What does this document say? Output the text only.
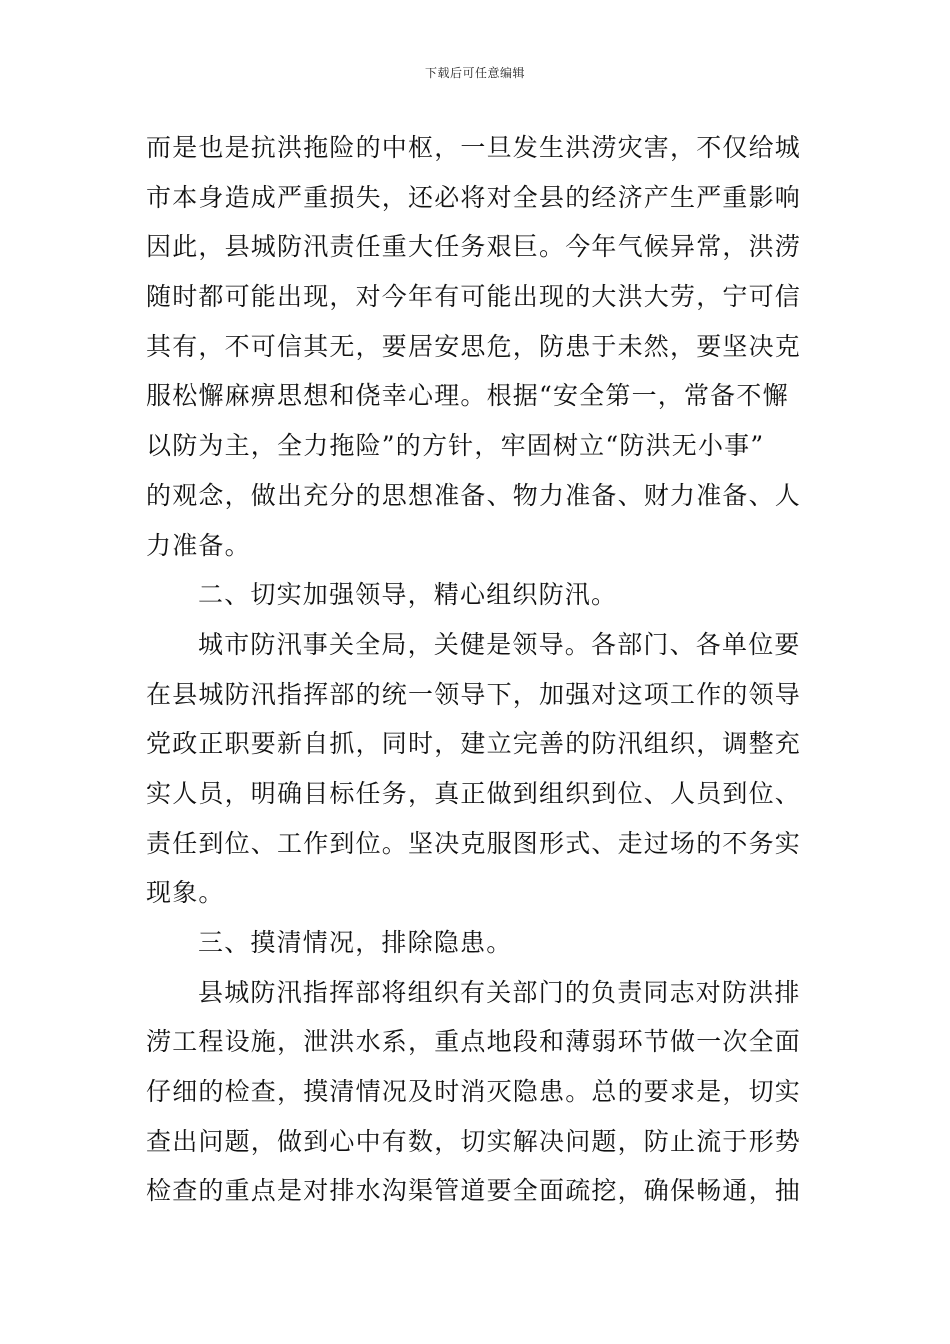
下载后可任意编辑
而是也是抗洪拖险的中枢，一旦发生洪涝灾害，不仅给城
市本身造成严重损失，还必将对全县的经济产生严重影响
因此，县城防汛责任重大任务艰巨。今年气候异常，洪涝
随时都可能出现，对今年有可能出现的大洪大劳，宁可信
其有，不可信其无，要居安思危，防患于未然，要坚决克
服松懈麻痹思想和侥幸心理。根据“安全第一，常备不懈
以防为主，全力拖险”的方针，牢固树立“防洪无小事”
的观念，做出充分的思想准备、物力准备、财力准备、人
力准备。
二、切实加强领导，精心组织防汛。
城市防汛事关全局，关健是领导。各部门、各单位要
在县城防汛指挥部的统一领导下，加强对这项工作的领导
党政正职要新自抓，同时，建立完善的防汛组织，调整充
实人员，明确目标任务，真正做到组织到位、人员到位、
责任到位、工作到位。坚决克服图形式、走过场的不务实
现象。
三、摸清情况，排除隐患。
县城防汛指挥部将组织有关部门的负责同志对防洪排
涝工程设施，泄洪水系，重点地段和薄弱环节做一次全面
仔细的检查，摸清情况及时消灭隐患。总的要求是，切实
查出问题，做到心中有数，切实解决问题，防止流于形势
检查的重点是对排水沟渠管道要全面疏挖，确保畅通，抽
